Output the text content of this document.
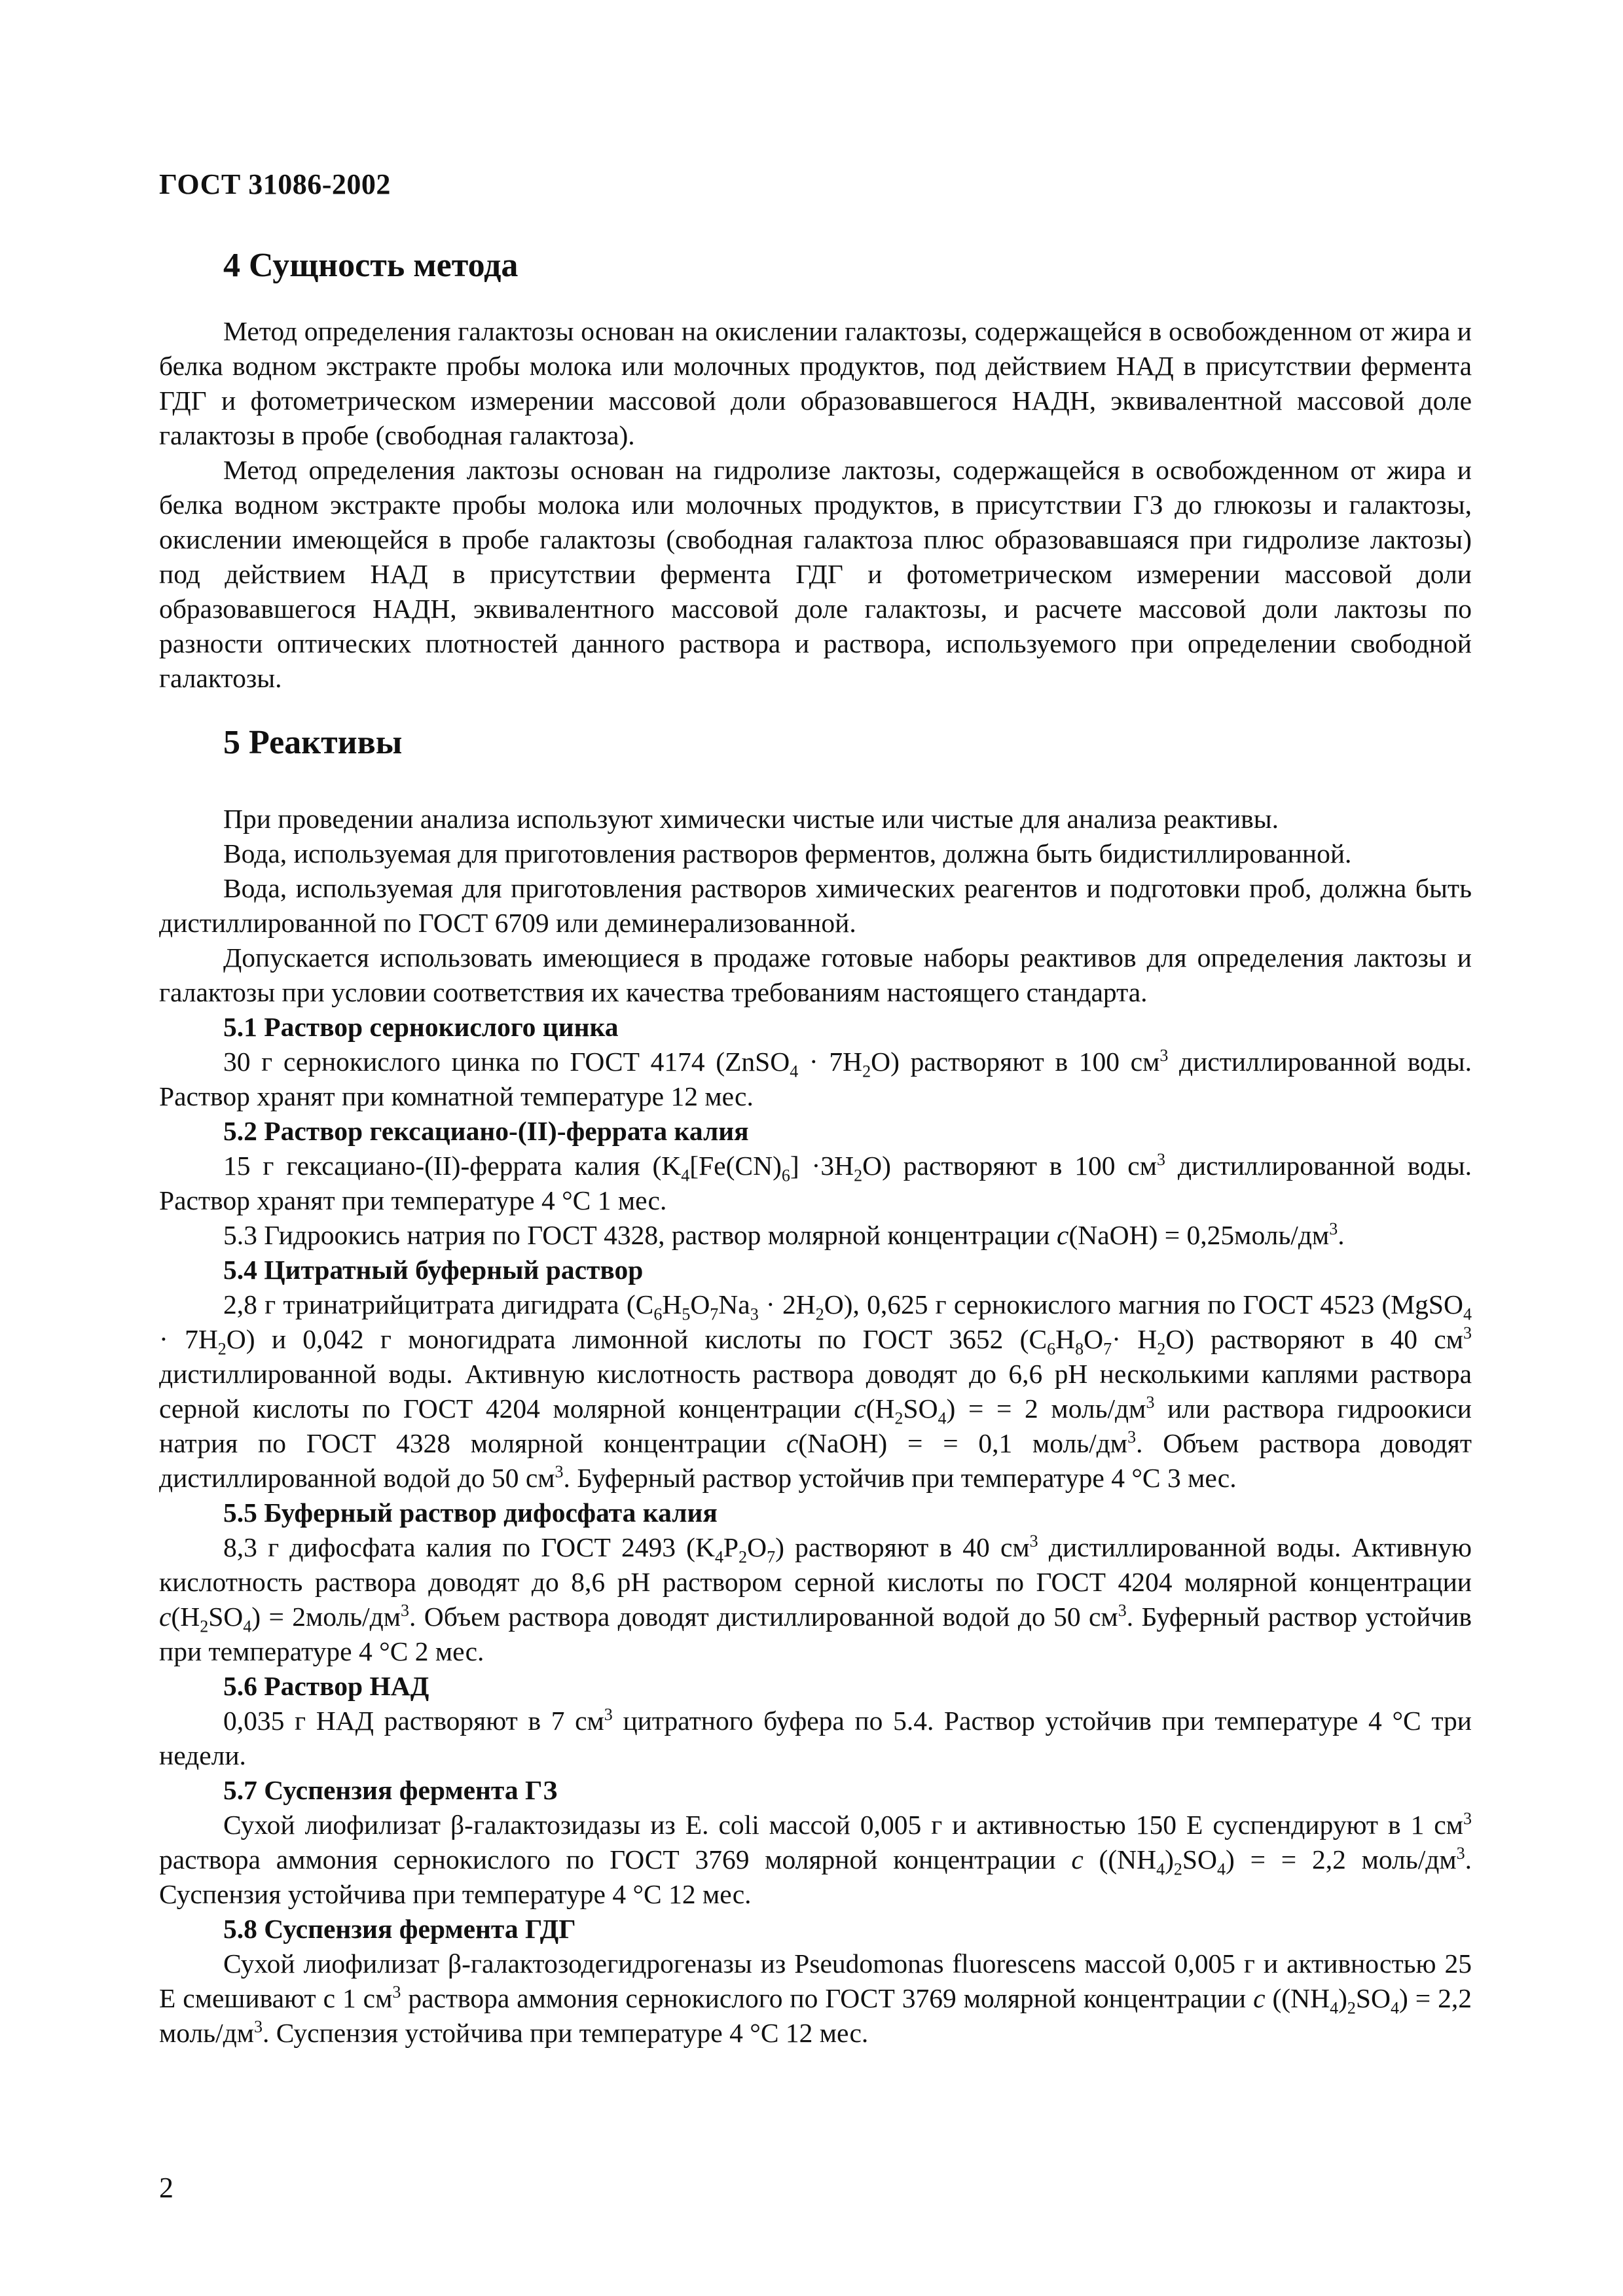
ГОСТ 31086-2002
4 Сущность метода

Метод определения галактозы основан на окислении галактозы, содержащейся в освобожденном от жира и белка водном экстракте пробы молока или молочных продуктов, под действием НАД в присутствии фермента ГДГ и фотометрическом измерении массовой доли образовавшегося НАДН, эквивалентной массовой доле галактозы в пробе (свободная галактоза).

Метод определения лактозы основан на гидролизе лактозы, содержащейся в освобожденном от жира и белка водном экстракте пробы молока или молочных продуктов, в присутствии ГЗ до глюкозы и галактозы, окислении имеющейся в пробе галактозы (свободная галактоза плюс образовавшаяся при гидролизе лактозы) под действием НАД в присутствии фермента ГДГ и фотометрическом измерении массовой доли образовавшегося НАДН, эквивалентного массовой доле галактозы, и расчете массовой доли лактозы по разности оптических плотностей данного раствора и раствора, используемого при определении свободной галактозы.

5 Реактивы

При проведении анализа используют химически чистые или чистые для анализа реактивы.

Вода, используемая для приготовления растворов ферментов, должна быть бидистиллированной.

Вода, используемая для приготовления растворов химических реагентов и подготовки проб, должна быть дистиллированной по ГОСТ 6709 или деминерализованной.

Допускается использовать имеющиеся в продаже готовые наборы реактивов для определения лактозы и галактозы при условии соответствия их качества требованиям настоящего стандарта.

5.1 Раствор сернокислого цинка

30 г сернокислого цинка по ГОСТ 4174 (ZnSO$_4$ · $7H_2O$) растворяют в 100 $см^3$ дистиллированной воды. Раствор хранят при комнатной температуре 12 мес.

5.2 Раствор гексациано-(II)-феррата калия

15 г гексациано-(II)-феррата калия $(K_4[Fe(CN)_6] \cdot 3H_2O)$ растворяют в 100 $см^3$ дистиллированной воды. Раствор хранят при температуре 4 °С 1 мес.

5.3 Гидроокись натрия по ГОСТ 4328, раствор молярной концентрации c(NaOH) = $0,25моль/дм^3$.

5.4 Цитратный буферный раствор

2,8 г тринатрийцитрата дигидрата $(C_6H_5O_7Na_3 \cdot 2H_2O)$, 0,625 г сернокислого магния по ГОСТ 4523 (MgSO$_4$ · $7H_2O$) и 0,042 г моногидрата лимонной кислоты по ГОСТ 3652 $(C_6H_8O_7\cdot H_2O)$ растворяют в 40 $см^3$ дистиллированной воды. Активную кислотность раствора доводят до 6,6 pH несколькими каплями раствора серной кислоты по ГОСТ 4204 молярной концентрации $c(H_2SO_4)$ = = 2 моль/$дм^3$ или раствора гидроокиси натрия по ГОСТ 4328 молярной концентрации c(NaOH) = = 0,1 моль/$дм^3$. Объем раствора доводят дистиллированной водой до 50 $см^3$. Буферный раствор устойчив при температуре 4 °С 3 мес.

5.5 Буферный раствор дифосфата калия

8,3 г дифосфата калия по ГОСТ 2493 $(K_4P_2O_7)$ растворяют в 40 $см^3$ дистиллированной воды. Активную кислотность раствора доводят до 8,6 pH раствором серной кислоты по ГОСТ 4204 молярной концентрации $c(H_2SO_4)$ = $2моль/дм^3$. Объем раствора доводят дистиллированной водой до 50 $см^3$. Буферный раствор устойчив при температуре 4 °С 2 мес.

5.6 Раствор НАД

0,035 г НАД растворяют в 7 $см^3$ цитратного буфера по 5.4. Раствор устойчив при температуре 4 °С три недели.

5.7 Суспензия фермента ГЗ

Сухой лиофилизат β-галактозидазы из E. coli массой 0,005 г и активностью 150 Е суспендируют в 1 $см^3$ раствора аммония сернокислого по ГОСТ 3769 молярной концентрации c $((NH_4)_2SO_4)$ = = 2,2 моль/$дм^3$. Суспензия устойчива при температуре 4 °С 12 мес.

5.8 Суспензия фермента ГДГ

Сухой лиофилизат β-галактозодегидрогеназы из Pseudomonas fluorescens массой 0,005 г и активностью 25 Е смешивают с 1 $см^3$ раствора аммония сернокислого по ГОСТ 3769 молярной концентрации c $((NH_4)_2SO_4) = 2,2$ моль/$дм^3$. Суспензия устойчива при температуре 4 °С 12 мес.

2
